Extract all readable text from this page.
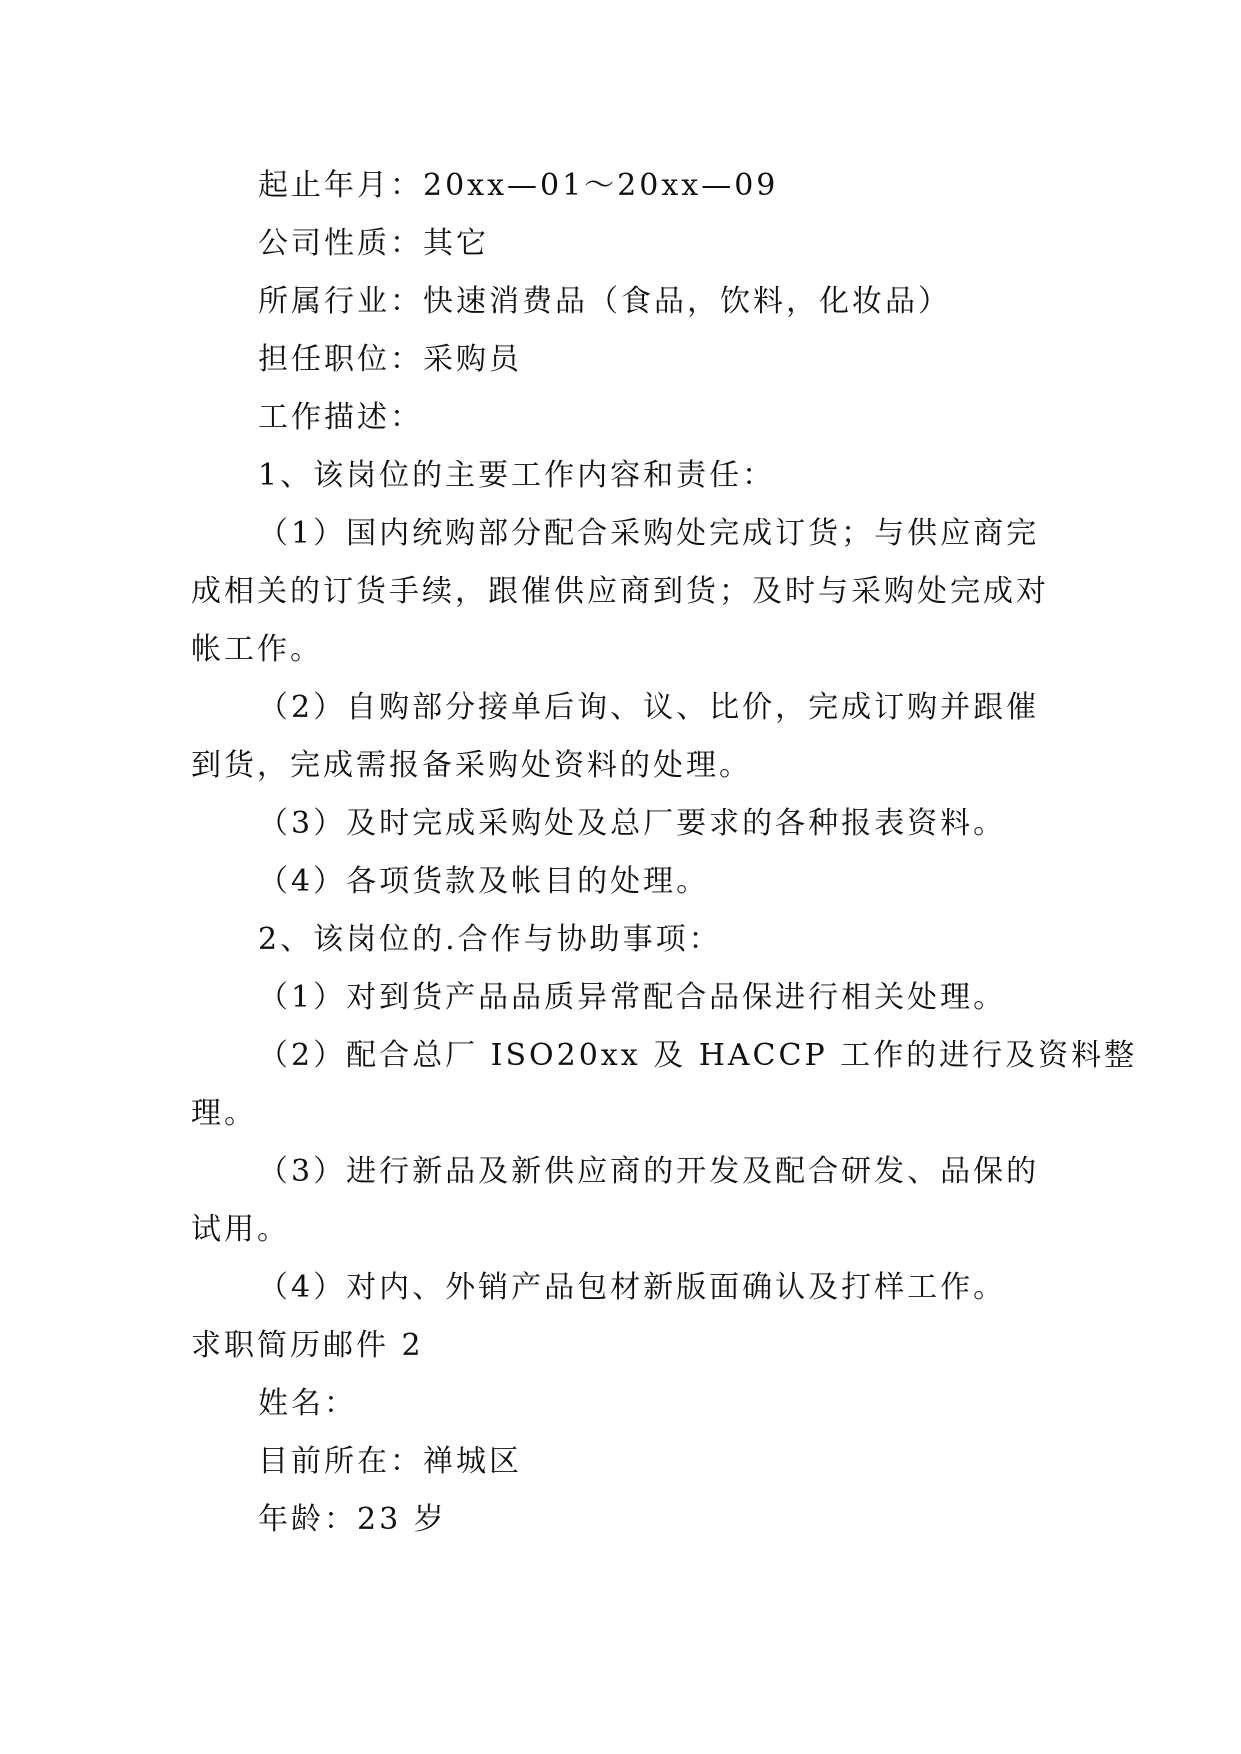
起止年月：20xx—01～20xx—09
公司性质：其它
所属行业：快速消费品（食品，饮料，化妆品）
担任职位：采购员
工作描述：
1、该岗位的主要工作内容和责任：
（1）国内统购部分配合采购处完成订货；与供应商完
成相关的订货手续，跟催供应商到货；及时与采购处完成对
帐工作。
（2）自购部分接单后询、议、比价，完成订购并跟催
到货，完成需报备采购处资料的处理。
（3）及时完成采购处及总厂要求的各种报表资料。
（4）各项货款及帐目的处理。
2、该岗位的.合作与协助事项：
（1）对到货产品品质异常配合品保进行相关处理。
（2）配合总厂 ISO20xx 及 HACCP 工作的进行及资料整
理。
（3）进行新品及新供应商的开发及配合研发、品保的
试用。
（4）对内、外销产品包材新版面确认及打样工作。
求职简历邮件 2
姓名：
目前所在：禅城区
年龄：23 岁
